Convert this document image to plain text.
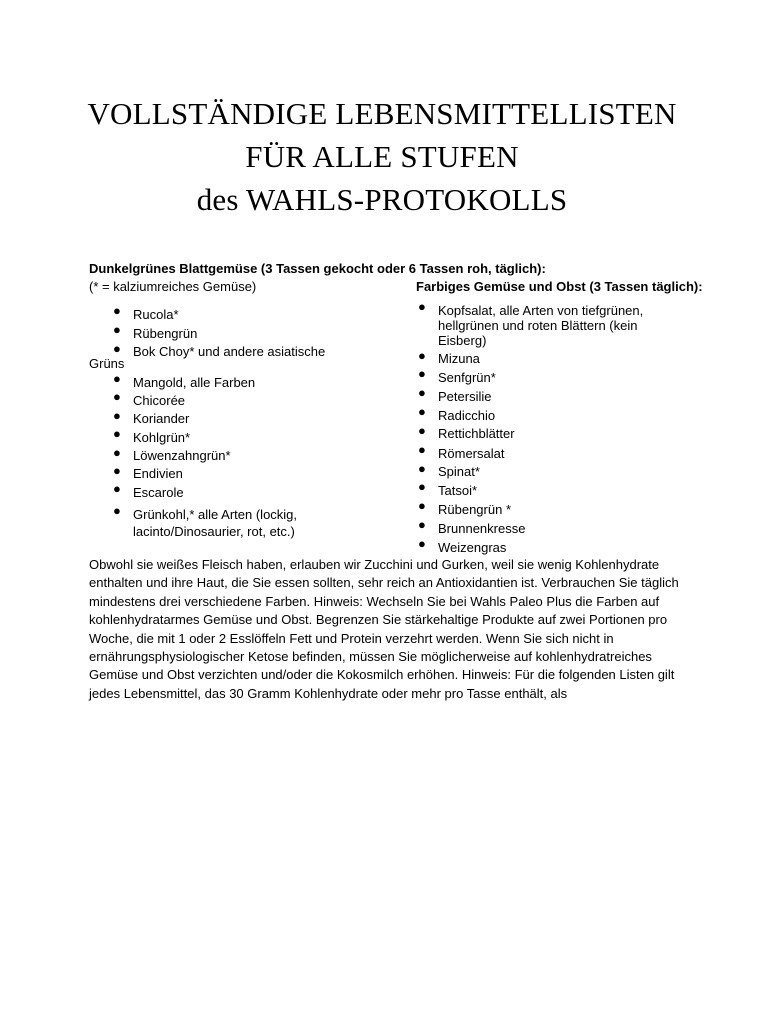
VOLLSTÄNDIGE LEBENSMITTELLISTEN
FÜR ALLE STUFEN
des WAHLS-PROTOKOLLS
Dunkelgrünes Blattgemüse (3 Tassen gekocht oder 6 Tassen roh, täglich):
(* = kalziumreiches Gemüse)	Farbiges Gemüse und Obst (3 Tassen täglich):
● Rucola*
● Rübengrün
● Bok Choy* und andere asiatische
Grüns
● Mangold, alle Farben
● Chicorée
● Koriander
● Kohlgrün*
● Löwenzahngrün*
● Endivien
● Escarole
● Grünkohl,* alle Arten (lockig,
lacinto/Dinosaurier, rot, etc.)
● Kopfsalat, alle Arten von tiefgrünen,
hellgrünen und roten Blättern (kein
Eisberg)
● Mizuna
● Senfgrün*
● Petersilie
● Radicchio
● Rettichblätter
● Römersalat
● Spinat*
● Tatsoi*
● Rübengrün *
● Brunnenkresse
● Weizengras
Obwohl sie weißes Fleisch haben, erlauben wir Zucchini und Gurken, weil sie wenig Kohlenhydrate
enthalten und ihre Haut, die Sie essen sollten, sehr reich an Antioxidantien ist. Verbrauchen Sie täglich
mindestens drei verschiedene Farben. Hinweis: Wechseln Sie bei Wahls Paleo Plus die Farben auf
kohlenhydratarmes Gemüse und Obst. Begrenzen Sie stärkehaltige Produkte auf zwei Portionen pro
Woche, die mit 1 oder 2 Esslöffeln Fett und Protein verzehrt werden. Wenn Sie sich nicht in
ernährungsphysiologischer Ketose befinden, müssen Sie möglicherweise auf kohlenhydratreiches
Gemüse und Obst verzichten und/oder die Kokosmilch erhöhen. Hinweis: Für die folgenden Listen gilt
jedes Lebensmittel, das 30 Gramm Kohlenhydrate oder mehr pro Tasse enthält, als
